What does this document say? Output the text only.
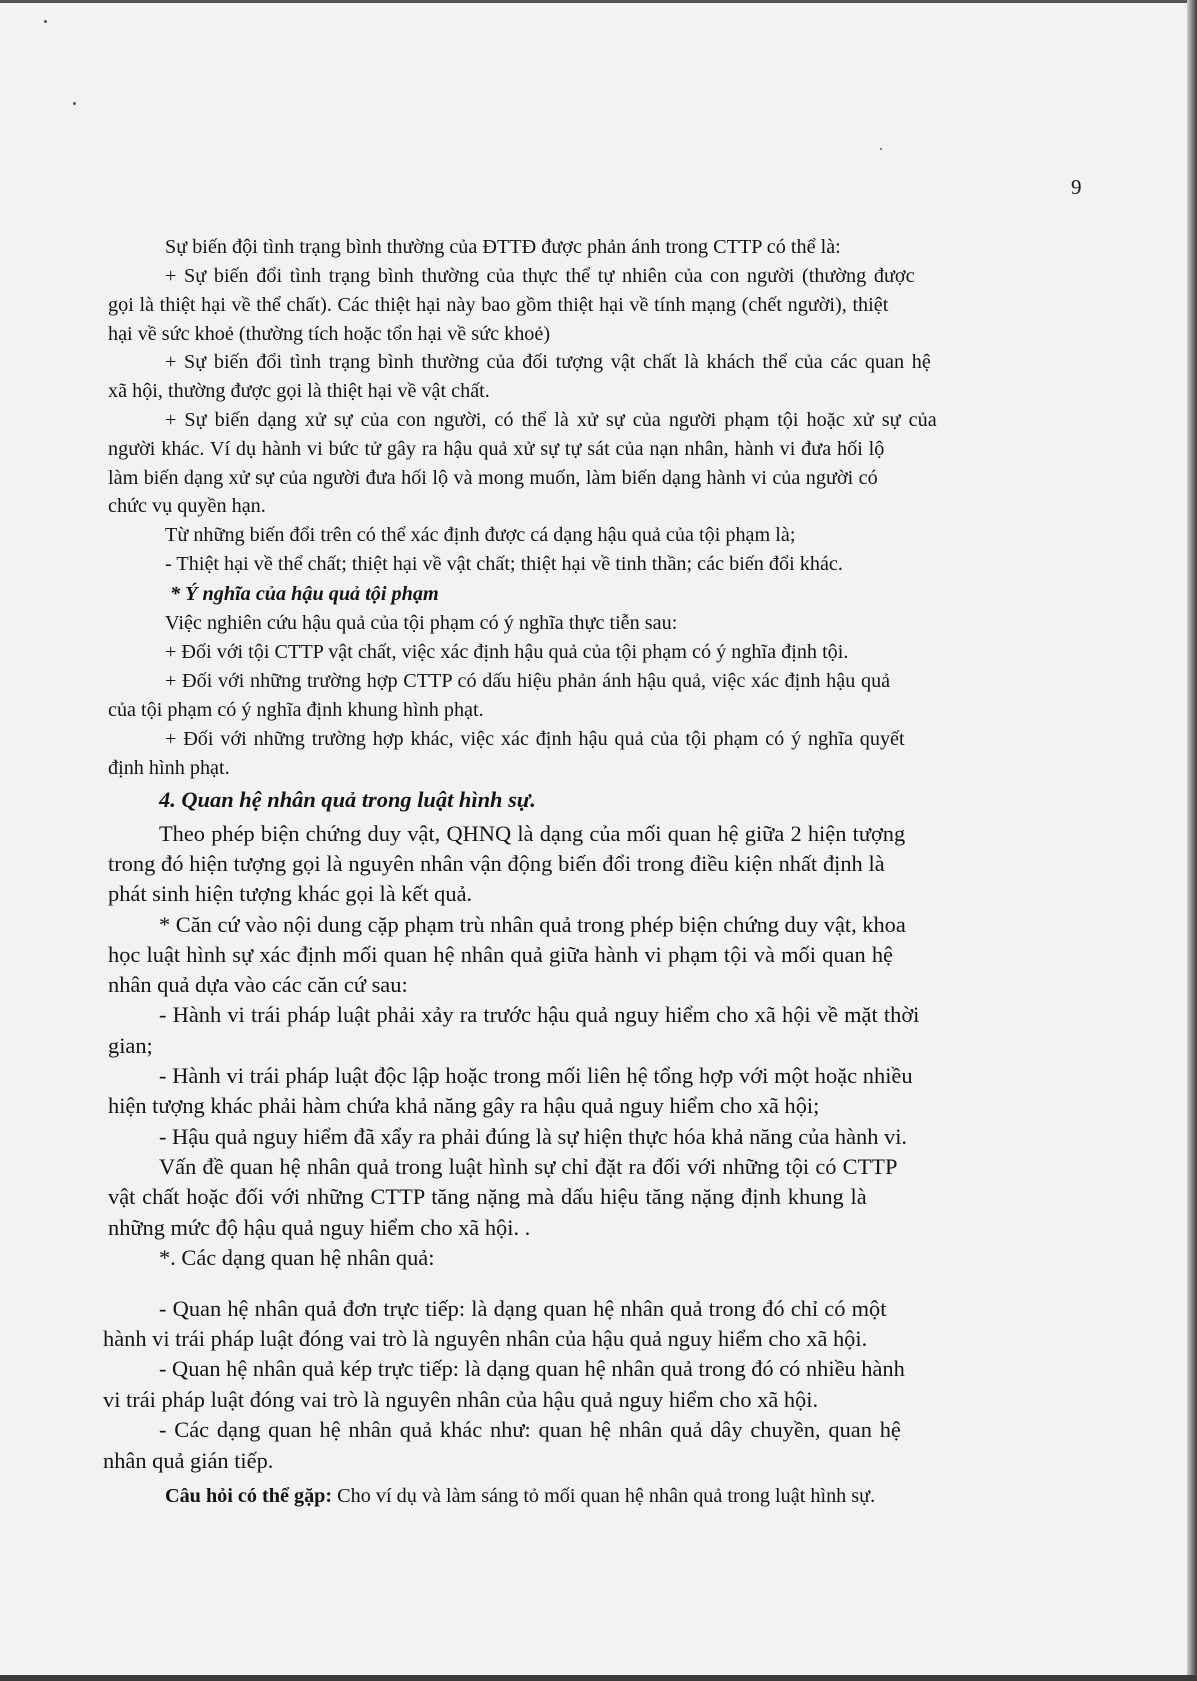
9
Sự biến đội tình trạng bình thường của ĐTTĐ được phản ánh trong CTTP có thể là:
+ Sự biến đổi tình trạng bình thường của thực thể tự nhiên của con người (thường được
gọi là thiệt hại về thể chất). Các thiệt hại này bao gồm thiệt hại về tính mạng (chết người), thiệt
hại về sức khoẻ (thường tích hoặc tổn hại về sức khoẻ)
+ Sự biến đổi tình trạng bình thường của đối tượng vật chất là khách thể của các quan hệ
xã hội, thường được gọi là thiệt hại về vật chất.
+ Sự biến dạng xử sự của con người, có thể là xử sự của người phạm tội hoặc xử sự của
người khác. Ví dụ hành vi bức tử gây ra hậu quả xử sự tự sát của nạn nhân, hành vi đưa hối lộ
làm biến dạng xử sự của người đưa hối lộ và mong muốn, làm biến dạng hành vi của người có
chức vụ quyền hạn.
Từ những biến đổi trên có thể xác định được cá dạng hậu quả của tội phạm là;
- Thiệt hại về thể chất; thiệt hại về vật chất; thiệt hại về tinh thần; các biến đổi khác.
* Ý nghĩa của hậu quả tội phạm
Việc nghiên cứu hậu quả của tội phạm có ý nghĩa thực tiễn sau:
+ Đối với tội CTTP vật chất, việc xác định hậu quả của tội phạm có ý nghĩa định tội.
+ Đối với những trường hợp CTTP có dấu hiệu phản ánh hậu quả, việc xác định hậu quả
của tội phạm có ý nghĩa định khung hình phạt.
+ Đối với những trường hợp khác, việc xác định hậu quả của tội phạm có ý nghĩa quyết
định hình phạt.
4. Quan hệ nhân quả trong luật hình sự.
Theo phép biện chứng duy vật, QHNQ là dạng của mối quan hệ giữa 2 hiện tượng
trong đó hiện tượng gọi là nguyên nhân vận động biến đổi trong điều kiện nhất định là
phát sinh hiện tượng khác gọi là kết quả.
* Căn cứ vào nội dung cặp phạm trù nhân quả trong phép biện chứng duy vật, khoa
học luật hình sự xác định mối quan hệ nhân quả giữa hành vi phạm tội và mối quan hệ
nhân quả dựa vào các căn cứ sau:
- Hành vi trái pháp luật phải xảy ra trước hậu quả nguy hiểm cho xã hội về mặt thời
gian;
- Hành vi trái pháp luật độc lập hoặc trong mối liên hệ tổng hợp với một hoặc nhiều
hiện tượng khác phải hàm chứa khả năng gây ra hậu quả nguy hiểm cho xã hội;
- Hậu quả nguy hiểm đã xẩy ra phải đúng là sự hiện thực hóa khả năng của hành vi.
Vấn đề quan hệ nhân quả trong luật hình sự chỉ đặt ra đối với những tội có CTTP
vật chất hoặc đối với những CTTP tăng nặng mà dấu hiệu tăng nặng định khung là
những mức độ hậu quả nguy hiểm cho xã hội. .
*. Các dạng quan hệ nhân quả:
- Quan hệ nhân quả đơn trực tiếp: là dạng quan hệ nhân quả trong đó chỉ có một
hành vi trái pháp luật đóng vai trò là nguyên nhân của hậu quả nguy hiểm cho xã hội.
- Quan hệ nhân quả kép trực tiếp: là dạng quan hệ nhân quả trong đó có nhiều hành
vi trái pháp luật đóng vai trò là nguyên nhân của hậu quả nguy hiểm cho xã hội.
- Các dạng quan hệ nhân quả khác như: quan hệ nhân quả dây chuyền, quan hệ
nhân quả gián tiếp.
Câu hỏi có thể gặp: Cho ví dụ và làm sáng tỏ mối quan hệ nhân quả trong luật hình sự.
